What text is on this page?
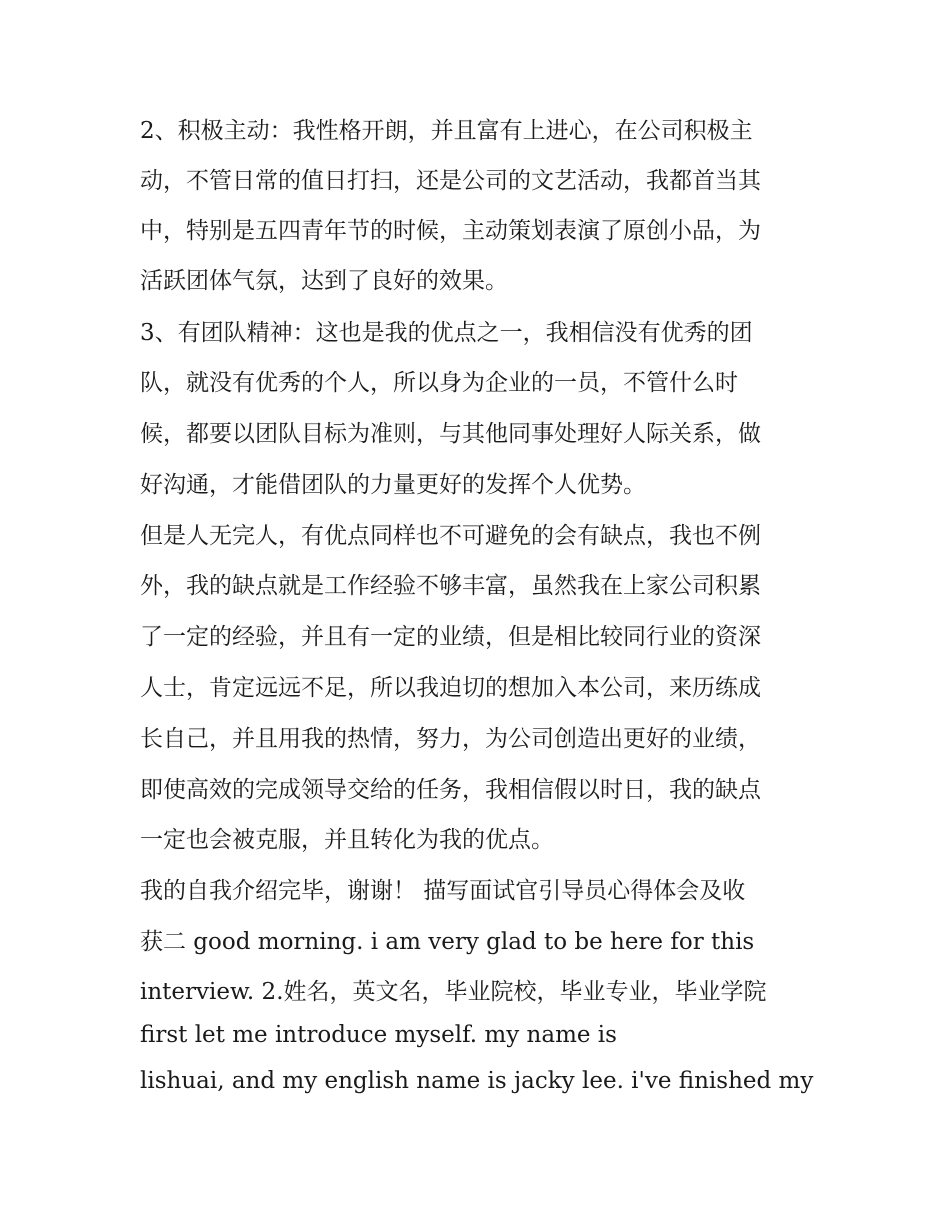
2、积极主动：我性格开朗，并且富有上进心，在公司积极主
动，不管日常的值日打扫，还是公司的文艺活动，我都首当其
中，特别是五四青年节的时候，主动策划表演了原创小品，为
活跃团体气氛，达到了良好的效果。
3、有团队精神：这也是我的优点之一，我相信没有优秀的团
队，就没有优秀的个人，所以身为企业的一员，不管什么时
候，都要以团队目标为准则，与其他同事处理好人际关系，做
好沟通，才能借团队的力量更好的发挥个人优势。
但是人无完人，有优点同样也不可避免的会有缺点，我也不例
外，我的缺点就是工作经验不够丰富，虽然我在上家公司积累
了一定的经验，并且有一定的业绩，但是相比较同行业的资深
人士，肯定远远不足，所以我迫切的想加入本公司，来历练成
长自己，并且用我的热情，努力，为公司创造出更好的业绩，
即使高效的完成领导交给的任务，我相信假以时日，我的缺点
一定也会被克服，并且转化为我的优点。
我的自我介绍完毕，谢谢！ 描写面试官引导员心得体会及收
获二 good morning. i am very glad to be here for this
interview. 2.姓名，英文名，毕业院校，毕业专业，毕业学院
first let me introduce myself. my name is
lishuai, and my english name is jacky lee. i've finished my
